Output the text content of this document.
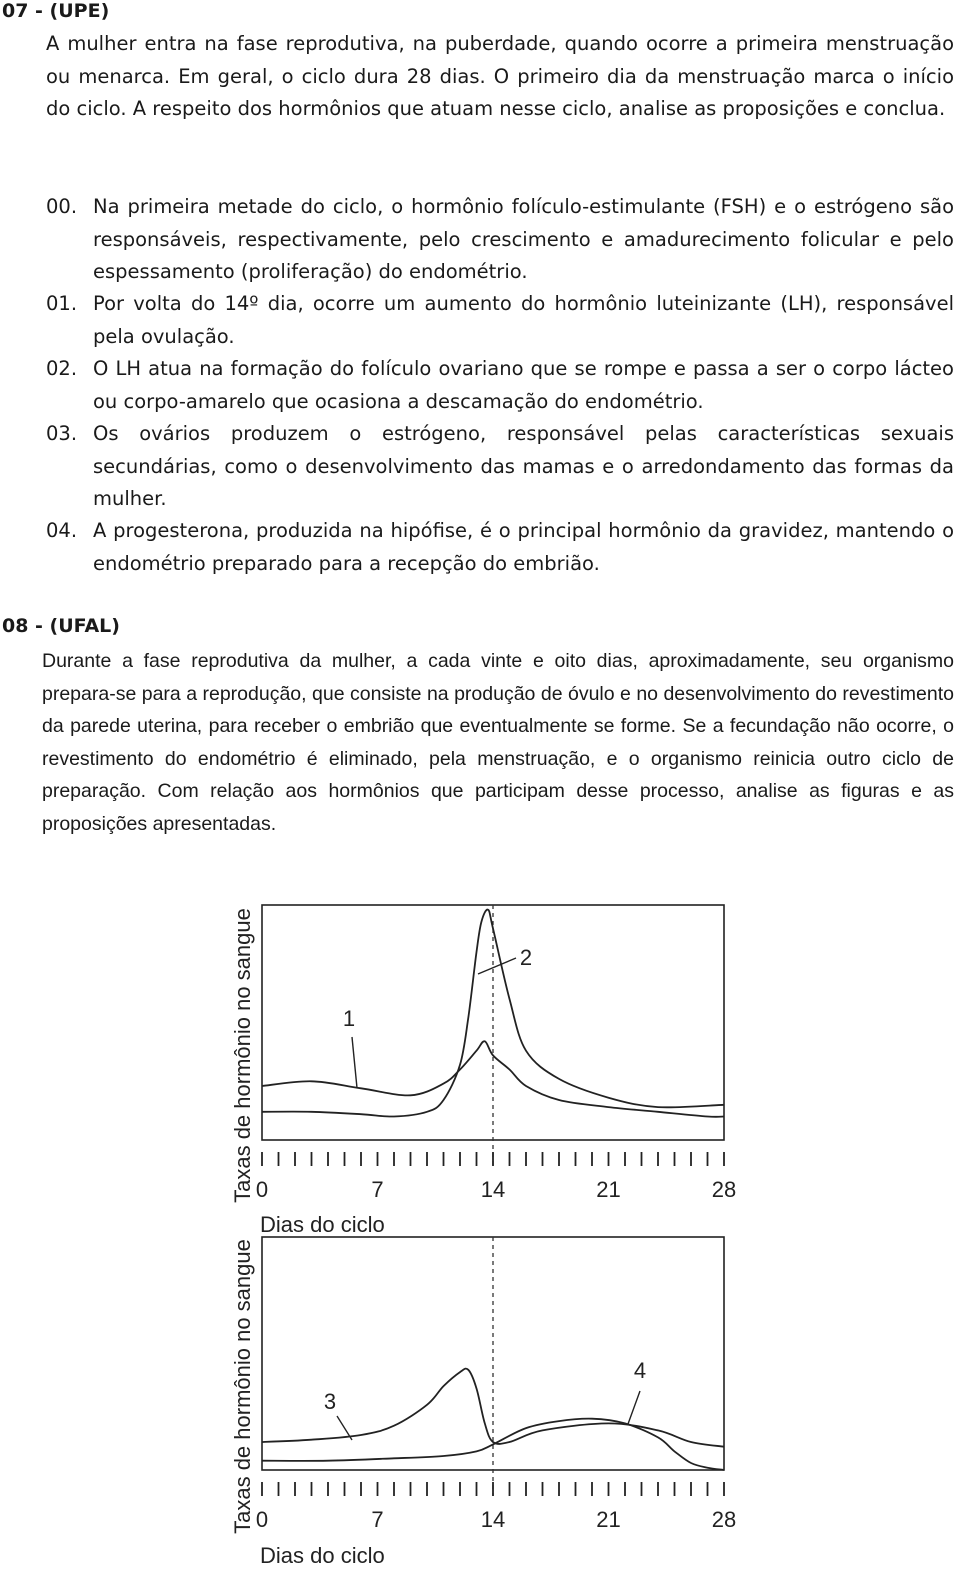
07 - (UPE)
A mulher entra na fase reprodutiva, na puberdade, quando ocorre a primeira menstruação ou menarca. Em geral, o ciclo dura 28 dias. O primeiro dia da menstruação marca o início do ciclo. A respeito dos hormônios que atuam nesse ciclo, analise as proposições e conclua.
00. Na primeira metade do ciclo, o hormônio folículo-estimulante (FSH) e o estrógeno são responsáveis, respectivamente, pelo crescimento e amadurecimento folicular e pelo espessamento (proliferação) do endométrio.
01. Por volta do 14º dia, ocorre um aumento do hormônio luteinizante (LH), responsável pela ovulação.
02. O LH atua na formação do folículo ovariano que se rompe e passa a ser o corpo lácteo ou corpo-amarelo que ocasiona a descamação do endométrio.
03. Os ovários produzem o estrógeno, responsável pelas características sexuais secundárias, como o desenvolvimento das mamas e o arredondamento das formas da mulher.
04. A progesterona, produzida na hipófise, é o principal hormônio da gravidez, mantendo o endométrio preparado para a recepção do embrião.
08 - (UFAL)
Durante a fase reprodutiva da mulher, a cada vinte e oito dias, aproximadamente, seu organismo prepara-se para a reprodução, que consiste na produção de óvulo e no desenvolvimento do revestimento da parede uterina, para receber o embrião que eventualmente se forme. Se a fecundação não ocorre, o revestimento do endométrio é eliminado, pela menstruação, e o organismo reinicia outro ciclo de preparação. Com relação aos hormônios que participam desse processo, analise as figuras e as proposições apresentadas.
0	7	14	21	28
Taxas de hormônio no sangue
Dias do ciclo
1
2
0	7	14	21	28
Taxas de hormônio no sangue
Dias do ciclo
3
4
